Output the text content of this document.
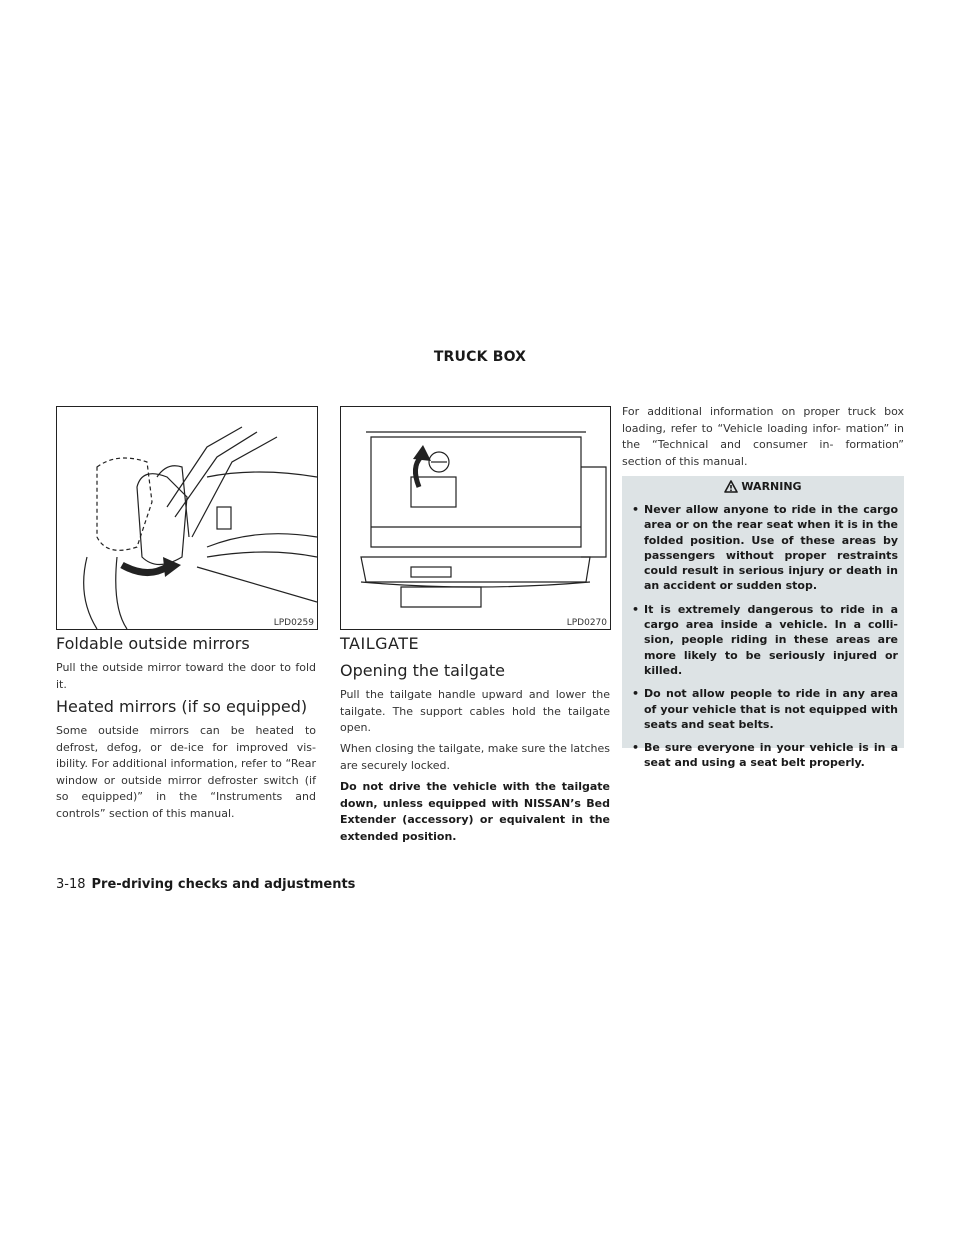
TRUCK BOX
LPD0259
Foldable outside mirrors

Pull the outside mirror toward the door to fold it.

Heated mirrors (if so equipped)

Some outside mirrors can be heated to defrost, defog, or de-ice for improved vis- ibility. For additional information, refer to “Rear window or outside mirror defroster switch (if so equipped)” in the “Instruments and controls” section of this manual.

LPD0270
TAILGATE
Opening the tailgate

Pull the tailgate handle upward and lower the tailgate. The support cables hold the tailgate open.

When closing the tailgate, make sure the latches are securely locked.

Do not drive the vehicle with the tailgate down, unless equipped with NISSAN’s Bed Extender (accessory) or equivalent in the extended position.

For additional information on proper truck box loading, refer to “Vehicle loading infor- mation” in the “Technical and consumer in- formation” section of this manual.

WARNING
• Never allow anyone to ride in the cargo area or on the rear seat when it is in the folded position. Use of these areas by passengers without proper restraints could result in serious injury or death in an accident or sudden stop.
• It is extremely dangerous to ride in a cargo area inside a vehicle. In a colli- sion, people riding in these areas are more likely to be seriously injured or killed.
• Do not allow people to ride in any area of your vehicle that is not equipped with seats and seat belts.
• Be sure everyone in your vehicle is in a seat and using a seat belt properly.
3-18 Pre-driving checks and adjustments
